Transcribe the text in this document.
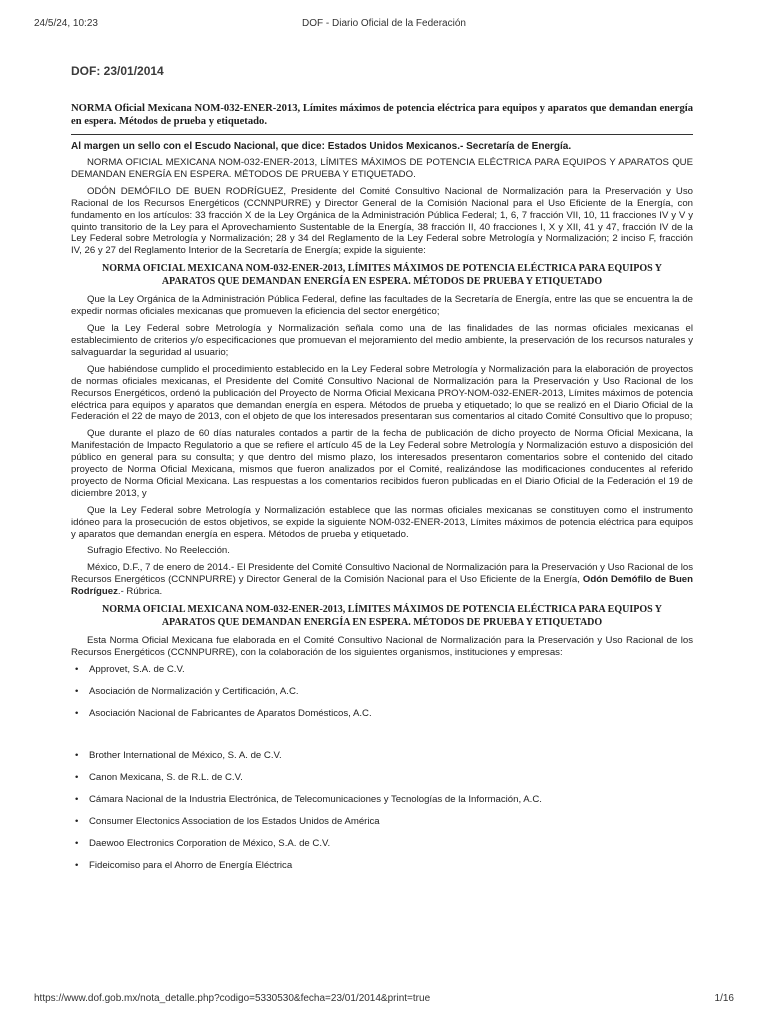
24/5/24, 10:23	DOF - Diario Oficial de la Federación
DOF: 23/01/2014
NORMA Oficial Mexicana NOM-032-ENER-2013, Límites máximos de potencia eléctrica para equipos y aparatos que demandan energía en espera. Métodos de prueba y etiquetado.
Al margen un sello con el Escudo Nacional, que dice: Estados Unidos Mexicanos.- Secretaría de Energía.

NORMA OFICIAL MEXICANA NOM-032-ENER-2013, LÍMITES MÁXIMOS DE POTENCIA ELÉCTRICA PARA EQUIPOS Y APARATOS QUE DEMANDAN ENERGÍA EN ESPERA. MÉTODOS DE PRUEBA Y ETIQUETADO.

ODÓN DEMÓFILO DE BUEN RODRÍGUEZ, Presidente del Comité Consultivo Nacional de Normalización para la Preservación y Uso Racional de los Recursos Energéticos (CCNNPURRE) y Director General de la Comisión Nacional para el Uso Eficiente de la Energía, con fundamento en los artículos: 33 fracción X de la Ley Orgánica de la Administración Pública Federal; 1, 6, 7 fracción VII, 10, 11 fracciones IV y V y quinto transitorio de la Ley para el Aprovechamiento Sustentable de la Energía, 38 fracción II, 40 fracciones I, X y XII, 41 y 47, fracción IV de la Ley Federal sobre Metrología y Normalización; 28 y 34 del Reglamento de la Ley Federal sobre Metrología y Normalización; 2 inciso F, fracción IV, 26 y 27 del Reglamento Interior de la Secretaría de Energía; expide la siguiente:

NORMA OFICIAL MEXICANA NOM-032-ENER-2013, LÍMITES MÁXIMOS DE POTENCIA ELÉCTRICA PARA EQUIPOS Y APARATOS QUE DEMANDAN ENERGÍA EN ESPERA. MÉTODOS DE PRUEBA Y ETIQUETADO

Que la Ley Orgánica de la Administración Pública Federal, define las facultades de la Secretaría de Energía, entre las que se encuentra la de expedir normas oficiales mexicanas que promueven la eficiencia del sector energético;

Que la Ley Federal sobre Metrología y Normalización señala como una de las finalidades de las normas oficiales mexicanas el establecimiento de criterios y/o especificaciones que promuevan el mejoramiento del medio ambiente, la preservación de los recursos naturales y salvaguardar la seguridad al usuario;

Que habiéndose cumplido el procedimiento establecido en la Ley Federal sobre Metrología y Normalización para la elaboración de proyectos de normas oficiales mexicanas, el Presidente del Comité Consultivo Nacional de Normalización para la Preservación y Uso Racional de los Recursos Energéticos, ordenó la publicación del Proyecto de Norma Oficial Mexicana PROY-NOM-032-ENER-2013, Límites máximos de potencia eléctrica para equipos y aparatos que demandan energía en espera. Métodos de prueba y etiquetado; lo que se realizó en el Diario Oficial de la Federación el 22 de mayo de 2013, con el objeto de que los interesados presentaran sus comentarios al citado Comité Consultivo que lo propuso;

Que durante el plazo de 60 días naturales contados a partir de la fecha de publicación de dicho proyecto de Norma Oficial Mexicana, la Manifestación de Impacto Regulatorio a que se refiere el artículo 45 de la Ley Federal sobre Metrología y Normalización estuvo a disposición del público en general para su consulta; y que dentro del mismo plazo, los interesados presentaron comentarios sobre el contenido del citado proyecto de Norma Oficial Mexicana, mismos que fueron analizados por el Comité, realizándose las modificaciones conducentes al referido proyecto de Norma Oficial Mexicana. Las respuestas a los comentarios recibidos fueron publicadas en el Diario Oficial de la Federación el 19 de diciembre 2013, y

Que la Ley Federal sobre Metrología y Normalización establece que las normas oficiales mexicanas se constituyen como el instrumento idóneo para la prosecución de estos objetivos, se expide la siguiente NOM-032-ENER-2013, Límites máximos de potencia eléctrica para equipos y aparatos que demandan energía en espera. Métodos de prueba y etiquetado.

Sufragio Efectivo. No Reelección.

México, D.F., 7 de enero de 2014.- El Presidente del Comité Consultivo Nacional de Normalización para la Preservación y Uso Racional de los Recursos Energéticos (CCNNPURRE) y Director General de la Comisión Nacional para el Uso Eficiente de la Energía, Odón Demófilo de Buen Rodríguez.- Rúbrica.

NORMA OFICIAL MEXICANA NOM-032-ENER-2013, LÍMITES MÁXIMOS DE POTENCIA ELÉCTRICA PARA EQUIPOS Y APARATOS QUE DEMANDAN ENERGÍA EN ESPERA. MÉTODOS DE PRUEBA Y ETIQUETADO

Esta Norma Oficial Mexicana fue elaborada en el Comité Consultivo Nacional de Normalización para la Preservación y Uso Racional de los Recursos Energéticos (CCNNPURRE), con la colaboración de los siguientes organismos, instituciones y empresas:

• Approvet, S.A. de C.V.
• Asociación de Normalización y Certificación, A.C.
• Asociación Nacional de Fabricantes de Aparatos Domésticos, A.C.
• Brother International de México, S. A. de C.V.
• Canon Mexicana, S. de R.L. de C.V.
• Cámara Nacional de la Industria Electrónica, de Telecomunicaciones y Tecnologías de la Información, A.C.
• Consumer Electonics Association de los Estados Unidos de América
• Daewoo Electronics Corporation de México, S.A. de C.V.
• Fideicomiso para el Ahorro de Energía Eléctrica
https://www.dof.gob.mx/nota_detalle.php?codigo=5330530&fecha=23/01/2014&print=true	1/16
